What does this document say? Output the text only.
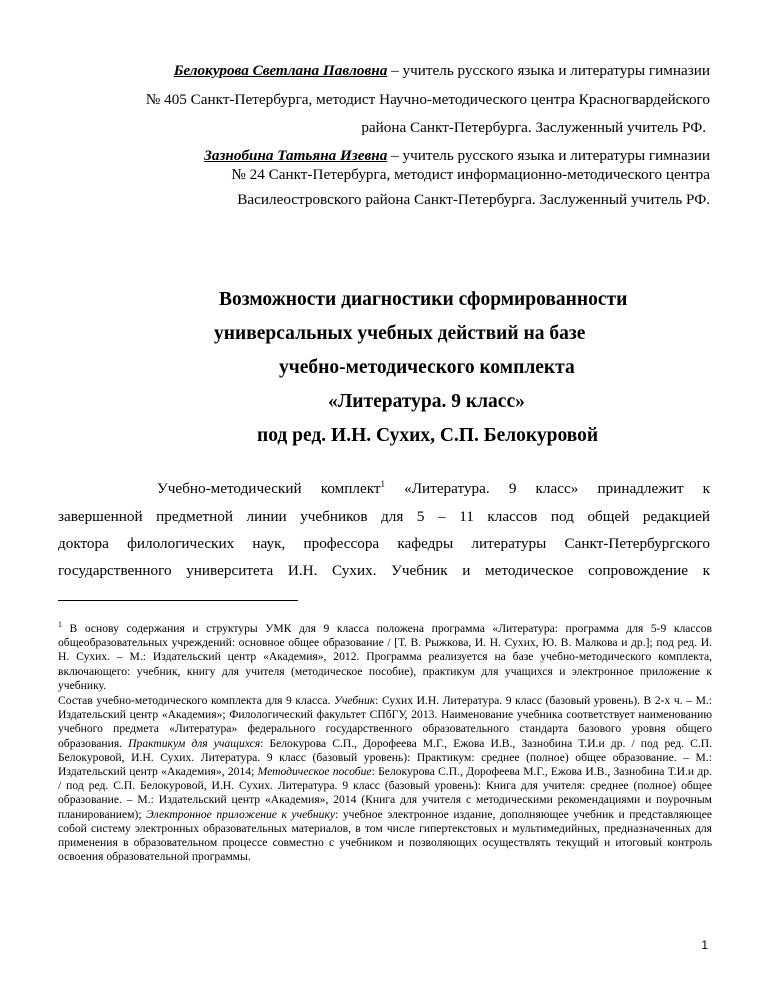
Белокурова Светлана Павловна – учитель русского языка и литературы гимназии
№ 405 Санкт-Петербурга, методист Научно-методического центра Красногвардейского
района Санкт-Петербурга. Заслуженный учитель РФ.
Зазнобина Татьяна Изевна – учитель русского языка и литературы гимназии
№ 24 Санкт-Петербурга, методист информационно-методического центра
Василеостровского района Санкт-Петербурга. Заслуженный учитель РФ.
Возможности диагностики сформированности
универсальных учебных действий на базе
учебно-методического комплекта
«Литература. 9 класс»
под ред. И.Н. Сухих, С.П. Белокуровой
Учебно-методический комплект$^1$ «Литература. 9 класс» принадлежит к
завершенной предметной линии учебников для 5 – 11 классов под общей редакцией
доктора филологических наук, профессора кафедры литературы Санкт-Петербургского
государственного университета И.Н. Сухих. Учебник и методическое сопровождение к
$^1$ В основу содержания и структуры УМК для 9 класса положена программа «Литература: программа для 5-9 классов общеобразовательных учреждений: основное общее образование / [Т. В. Рыжкова, И. Н. Сухих, Ю. В. Малкова и др.]; под ред. И. Н. Сухих. – М.: Издательский центр «Академия», 2012. Программа реализуется на базе учебно-методического комплекта, включающего: учебник, книгу для учителя (методическое пособие), практикум для учащихся и электронное приложение к учебнику.
Состав учебно-методического комплекта для 9 класса. Учебник: Сухих И.Н. Литература. 9 класс (базовый уровень). В 2-х ч. – М.: Издательский центр «Академия»; Филологический факультет СПбГУ, 2013. Наименование учебника соответствует наименованию учебного предмета «Литература» федерального государственного образовательного стандарта базового уровня общего образования. Практикум для учащихся: Белокурова С.П., Дорофеева М.Г., Ежова И.В., Зазнобина Т.И.и др. / под ред. С.П. Белокуровой, И.Н. Сухих. Литература. 9 класс (базовый уровень): Практикум: среднее (полное) общее образование. – М.: Издательский центр «Академия», 2014; Методическое пособие: Белокурова С.П., Дорофеева М.Г., Ежова И.В., Зазнобина Т.И.и др. / под ред. С.П. Белокуровой, И.Н. Сухих. Литература. 9 класс (базовый уровень): Книга для учителя: среднее (полное) общее образование. – М.: Издательский центр «Академия», 2014 (Книга для учителя с методическими рекомендациями и поурочным планированием); Электронное приложение к учебнику: учебное электронное издание, дополняющее учебник и представляющее собой систему электронных образовательных материалов, в том числе гипертекстовых и мультимедийных, предназначенных для применения в образовательном процессе совместно с учебником и позволяющих осуществлять текущий и итоговый контроль освоения образовательной программы.
1
